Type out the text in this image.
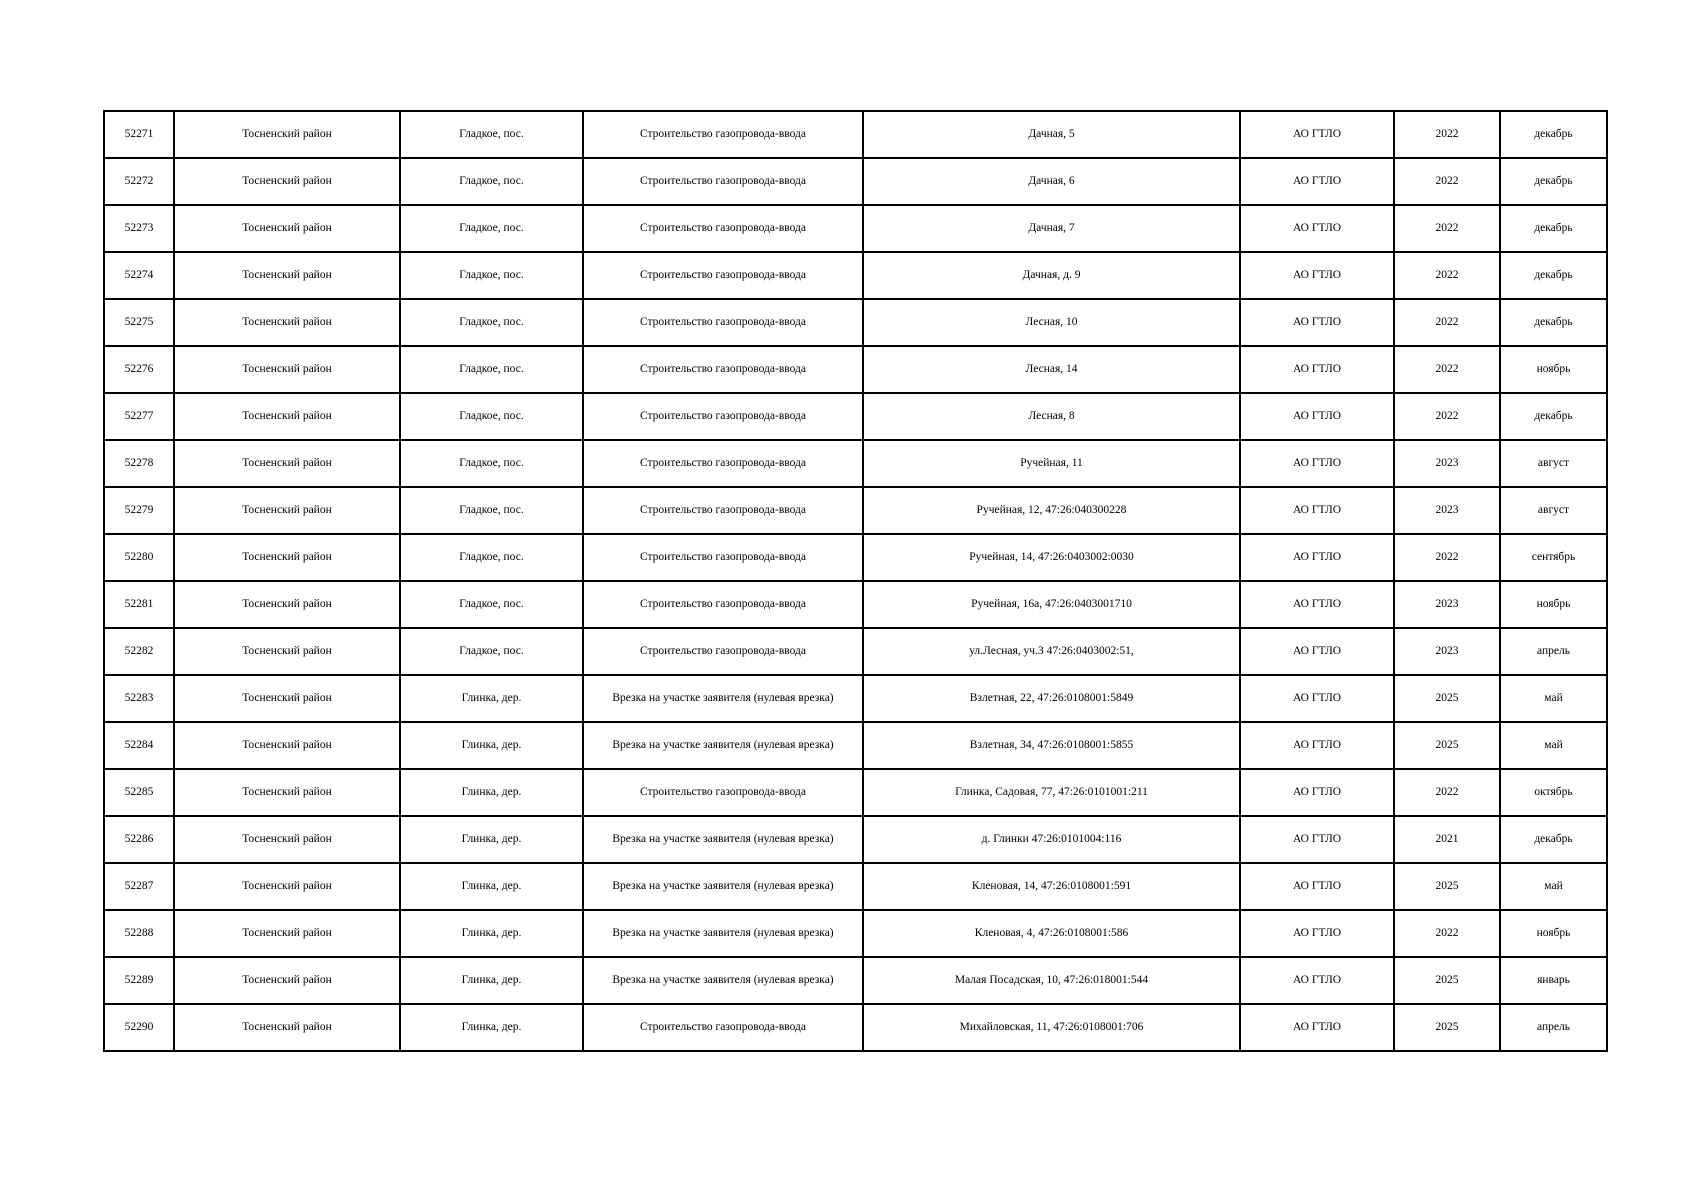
52271	Тосненский район	Гладкое, пос.	Строительство газопровода-ввода	Дачная, 5	АО ГТЛО	2022	декабрь
52272	Тосненский район	Гладкое, пос.	Строительство газопровода-ввода	Дачная, 6	АО ГТЛО	2022	декабрь
52273	Тосненский район	Гладкое, пос.	Строительство газопровода-ввода	Дачная, 7	АО ГТЛО	2022	декабрь
52274	Тосненский район	Гладкое, пос.	Строительство газопровода-ввода	Дачная, д. 9	АО ГТЛО	2022	декабрь
52275	Тосненский район	Гладкое, пос.	Строительство газопровода-ввода	Лесная, 10	АО ГТЛО	2022	декабрь
52276	Тосненский район	Гладкое, пос.	Строительство газопровода-ввода	Лесная, 14	АО ГТЛО	2022	ноябрь
52277	Тосненский район	Гладкое, пос.	Строительство газопровода-ввода	Лесная, 8	АО ГТЛО	2022	декабрь
52278	Тосненский район	Гладкое, пос.	Строительство газопровода-ввода	Ручейная, 11	АО ГТЛО	2023	август
52279	Тосненский район	Гладкое, пос.	Строительство газопровода-ввода	Ручейная, 12, 47:26:040300228	АО ГТЛО	2023	август
52280	Тосненский район	Гладкое, пос.	Строительство газопровода-ввода	Ручейная, 14, 47:26:0403002:0030	АО ГТЛО	2022	сентябрь
52281	Тосненский район	Гладкое, пос.	Строительство газопровода-ввода	Ручейная, 16а, 47:26:0403001710	АО ГТЛО	2023	ноябрь
52282	Тосненский район	Гладкое, пос.	Строительство газопровода-ввода	ул.Лесная, уч.3 47:26:0403002:51,	АО ГТЛО	2023	апрель
52283	Тосненский район	Глинка, дер.	Врезка на участке заявителя (нулевая врезка)	Взлетная, 22, 47:26:0108001:5849	АО ГТЛО	2025	май
52284	Тосненский район	Глинка, дер.	Врезка на участке заявителя (нулевая врезка)	Взлетная, 34, 47:26:0108001:5855	АО ГТЛО	2025	май
52285	Тосненский район	Глинка, дер.	Строительство газопровода-ввода	Глинка, Садовая, 77, 47:26:0101001:211	АО ГТЛО	2022	октябрь
52286	Тосненский район	Глинка, дер.	Врезка на участке заявителя (нулевая врезка)	д. Глинки 47:26:0101004:116	АО ГТЛО	2021	декабрь
52287	Тосненский район	Глинка, дер.	Врезка на участке заявителя (нулевая врезка)	Кленовая, 14, 47:26:0108001:591	АО ГТЛО	2025	май
52288	Тосненский район	Глинка, дер.	Врезка на участке заявителя (нулевая врезка)	Кленовая, 4, 47:26:0108001:586	АО ГТЛО	2022	ноябрь
52289	Тосненский район	Глинка, дер.	Врезка на участке заявителя (нулевая врезка)	Малая Посадская, 10, 47:26:018001:544	АО ГТЛО	2025	январь
52290	Тосненский район	Глинка, дер.	Строительство газопровода-ввода	Михайловская, 11, 47:26:0108001:706	АО ГТЛО	2025	апрель
